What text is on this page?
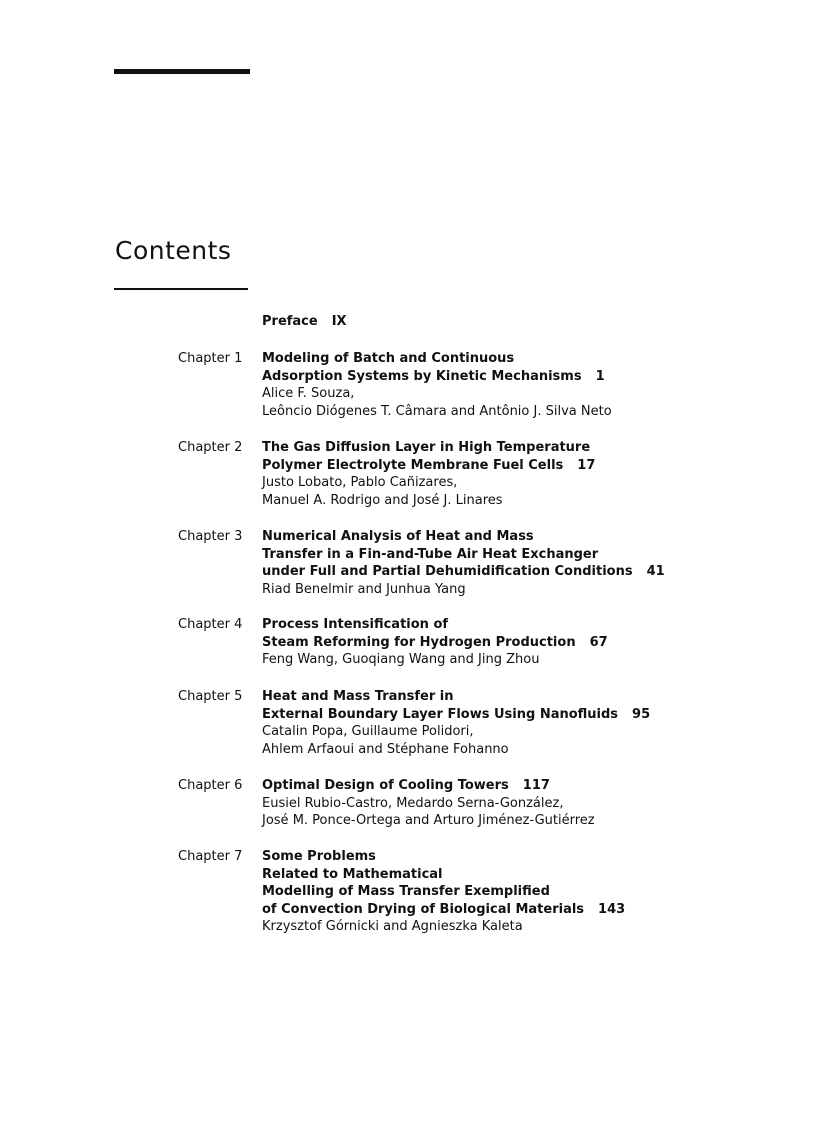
Contents
Preface IX
Chapter 1 Modeling of Batch and Continuous
Adsorption Systems by Kinetic Mechanisms 1
Alice F. Souza,
Leôncio Diógenes T. Câmara and Antônio J. Silva Neto
Chapter 2 The Gas Diffusion Layer in High Temperature
Polymer Electrolyte Membrane Fuel Cells 17
Justo Lobato, Pablo Cañizares,
Manuel A. Rodrigo and José J. Linares
Chapter 3 Numerical Analysis of Heat and Mass
Transfer in a Fin-and-Tube Air Heat Exchanger
under Full and Partial Dehumidification Conditions 41
Riad Benelmir and Junhua Yang
Chapter 4 Process Intensification of
Steam Reforming for Hydrogen Production 67
Feng Wang, Guoqiang Wang and Jing Zhou
Chapter 5 Heat and Mass Transfer in
External Boundary Layer Flows Using Nanofluids 95
Catalin Popa, Guillaume Polidori,
Ahlem Arfaoui and Stéphane Fohanno
Chapter 6 Optimal Design of Cooling Towers 117
Eusiel Rubio-Castro, Medardo Serna-González,
José M. Ponce-Ortega and Arturo Jiménez-Gutiérrez
Chapter 7 Some Problems
Related to Mathematical
Modelling of Mass Transfer Exemplified
of Convection Drying of Biological Materials 143
Krzysztof Górnicki and Agnieszka Kaleta
